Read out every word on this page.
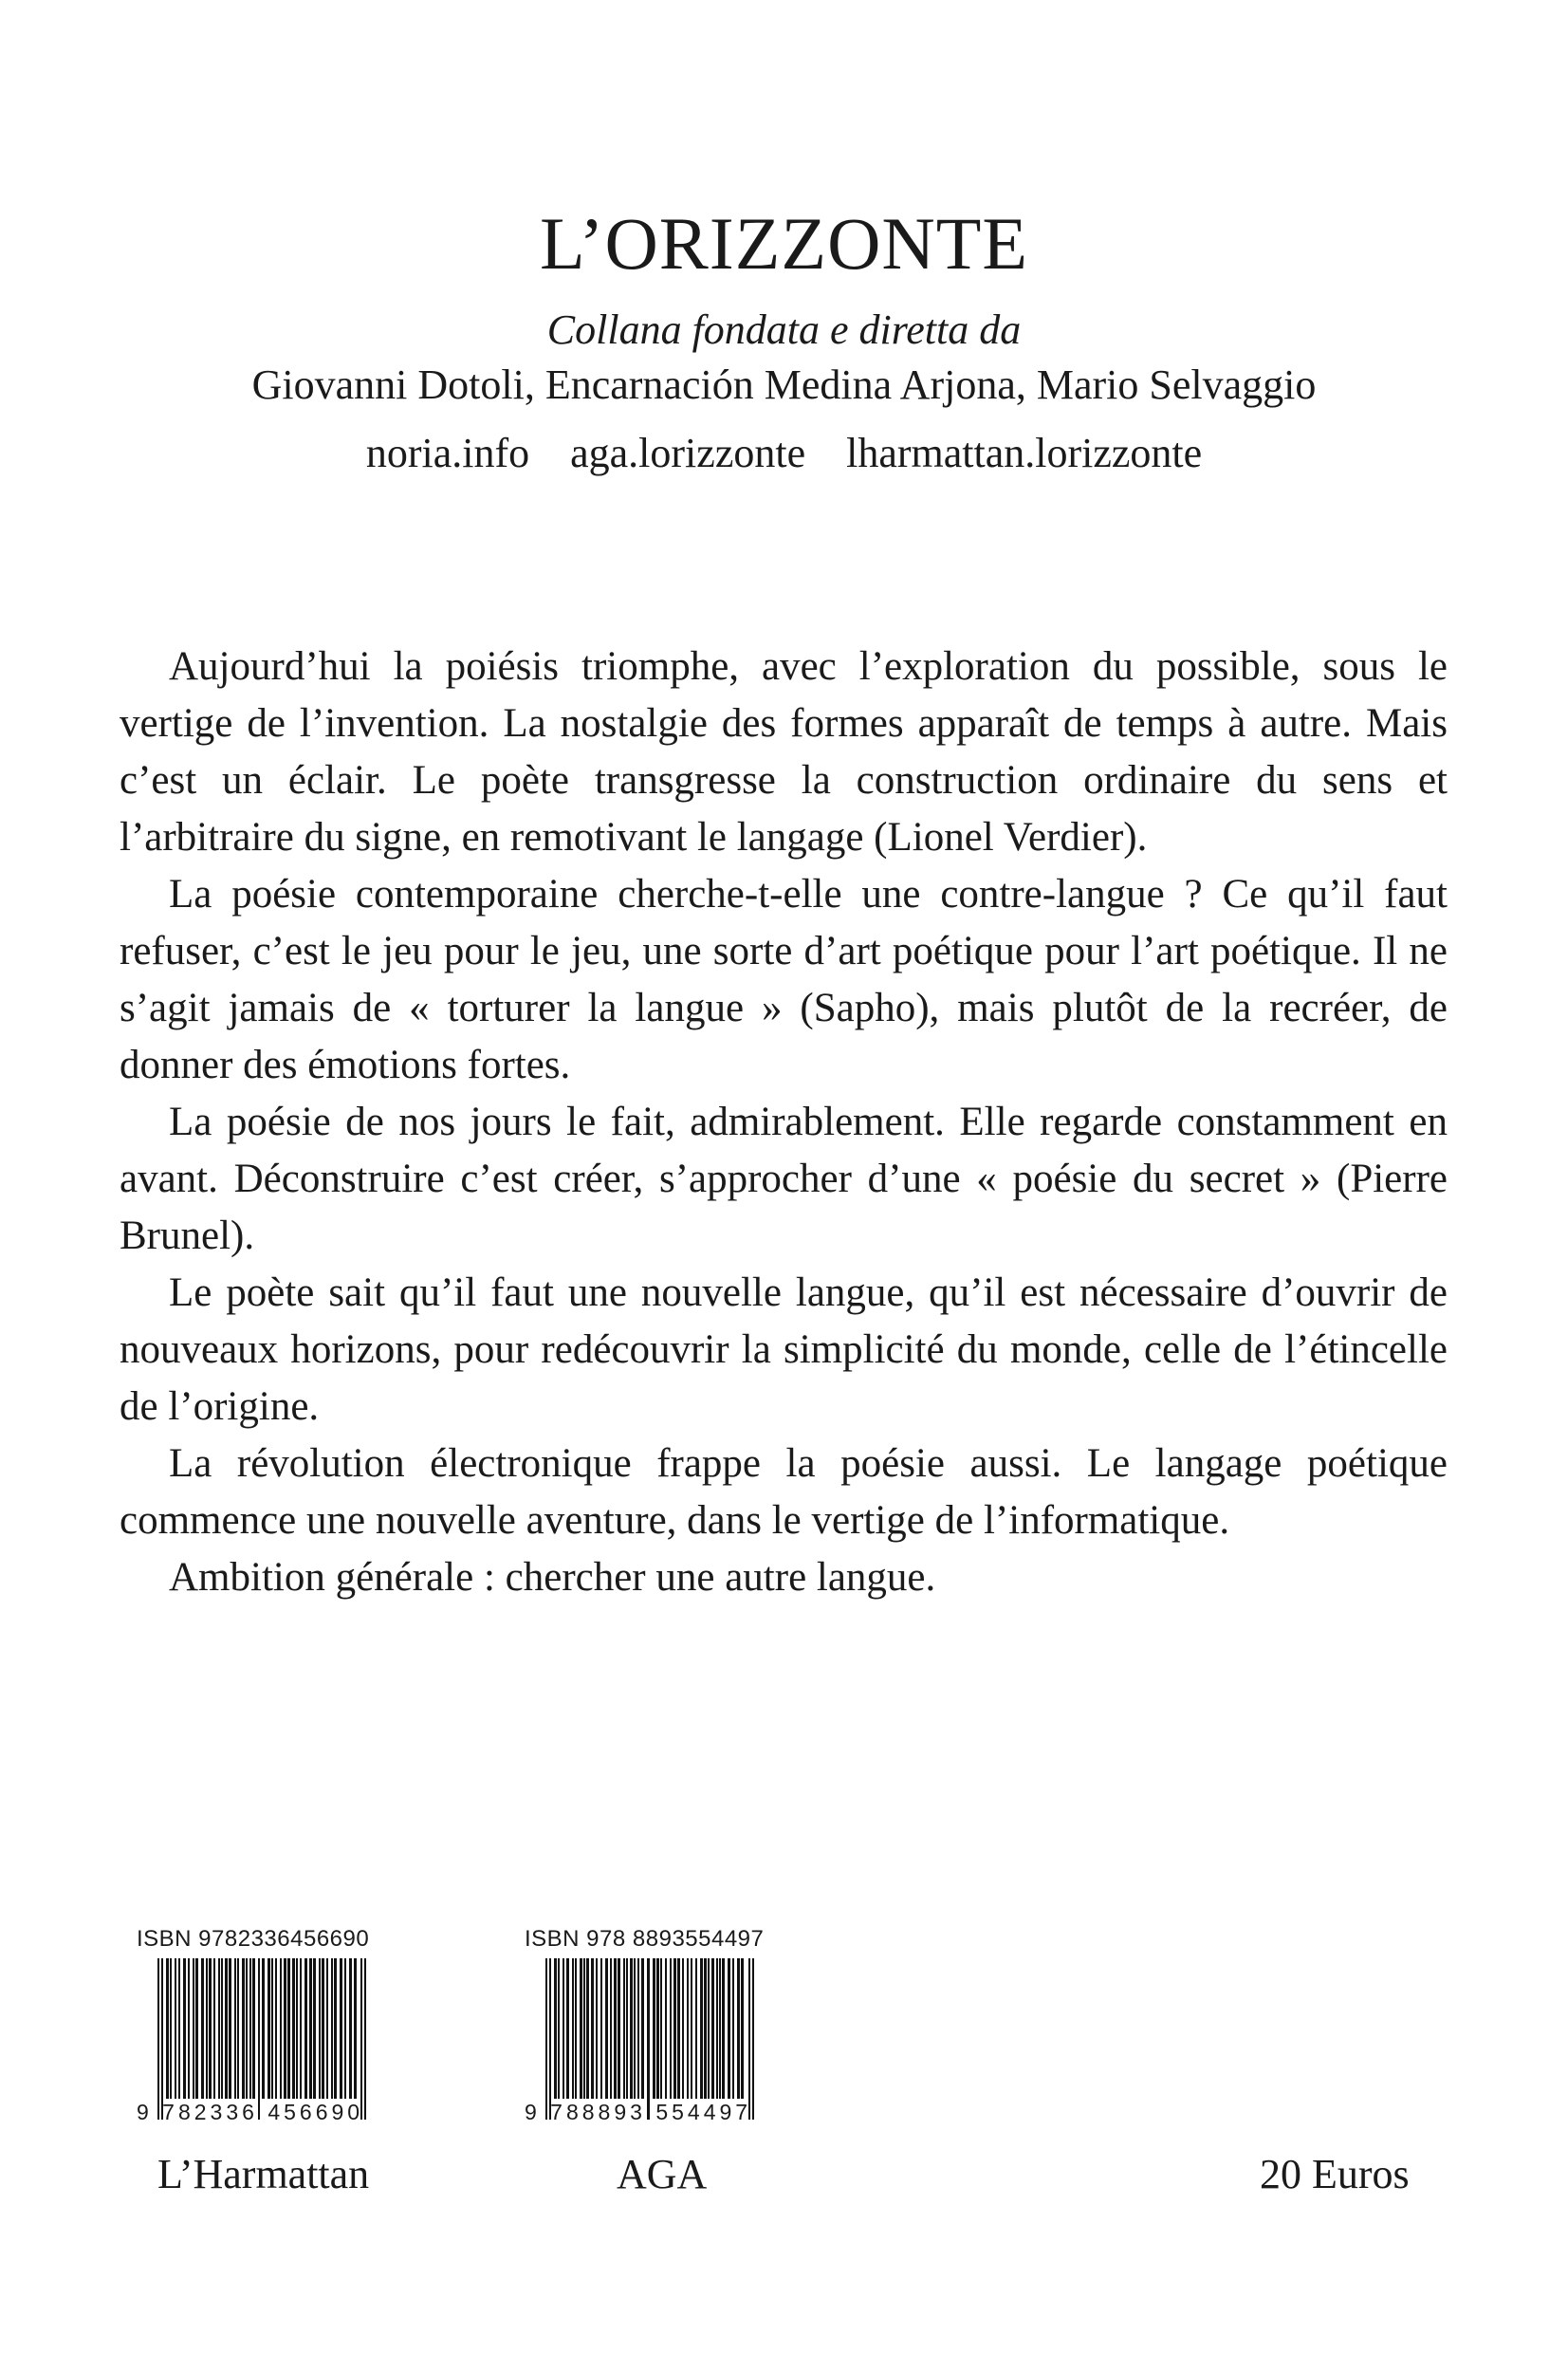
L’ORIZZONTE
Collana fondata e diretta da
Giovanni Dotoli, Encarnación Medina Arjona, Mario Selvaggio
noria.info aga.lorizzonte lharmattan.lorizzonte

Aujourd’hui la poiésis triomphe, avec l’exploration du possible, sous le vertige de l’invention. La nostalgie des formes apparaît de temps à autre. Mais c’est un éclair. Le poète transgresse la construction ordinaire du sens et l’arbitraire du signe, en remotivant le langage (Lionel Verdier).

La poésie contemporaine cherche-t-elle une contre-langue ? Ce qu’il faut refuser, c’est le jeu pour le jeu, une sorte d’art poétique pour l’art poétique. Il ne s’agit jamais de « torturer la langue » (Sapho), mais plutôt de la recréer, de donner des émotions fortes.

La poésie de nos jours le fait, admirablement. Elle regarde constamment en avant. Déconstruire c’est créer, s’approcher d’une « poésie du secret » (Pierre Brunel).

Le poète sait qu’il faut une nouvelle langue, qu’il est nécessaire d’ouvrir de nouveaux horizons, pour redécouvrir la simplicité du monde, celle de l’étincelle de l’origine.

La révolution électronique frappe la poésie aussi. Le langage poétique commence une nouvelle aventure, dans le vertige de l’informatique.

Ambition générale : chercher une autre langue.

ISBN 9782336456690
9 782336 456690
ISBN 978 8893554497
9 788893 554497
L’Harmattan	AGA	20 Euros
